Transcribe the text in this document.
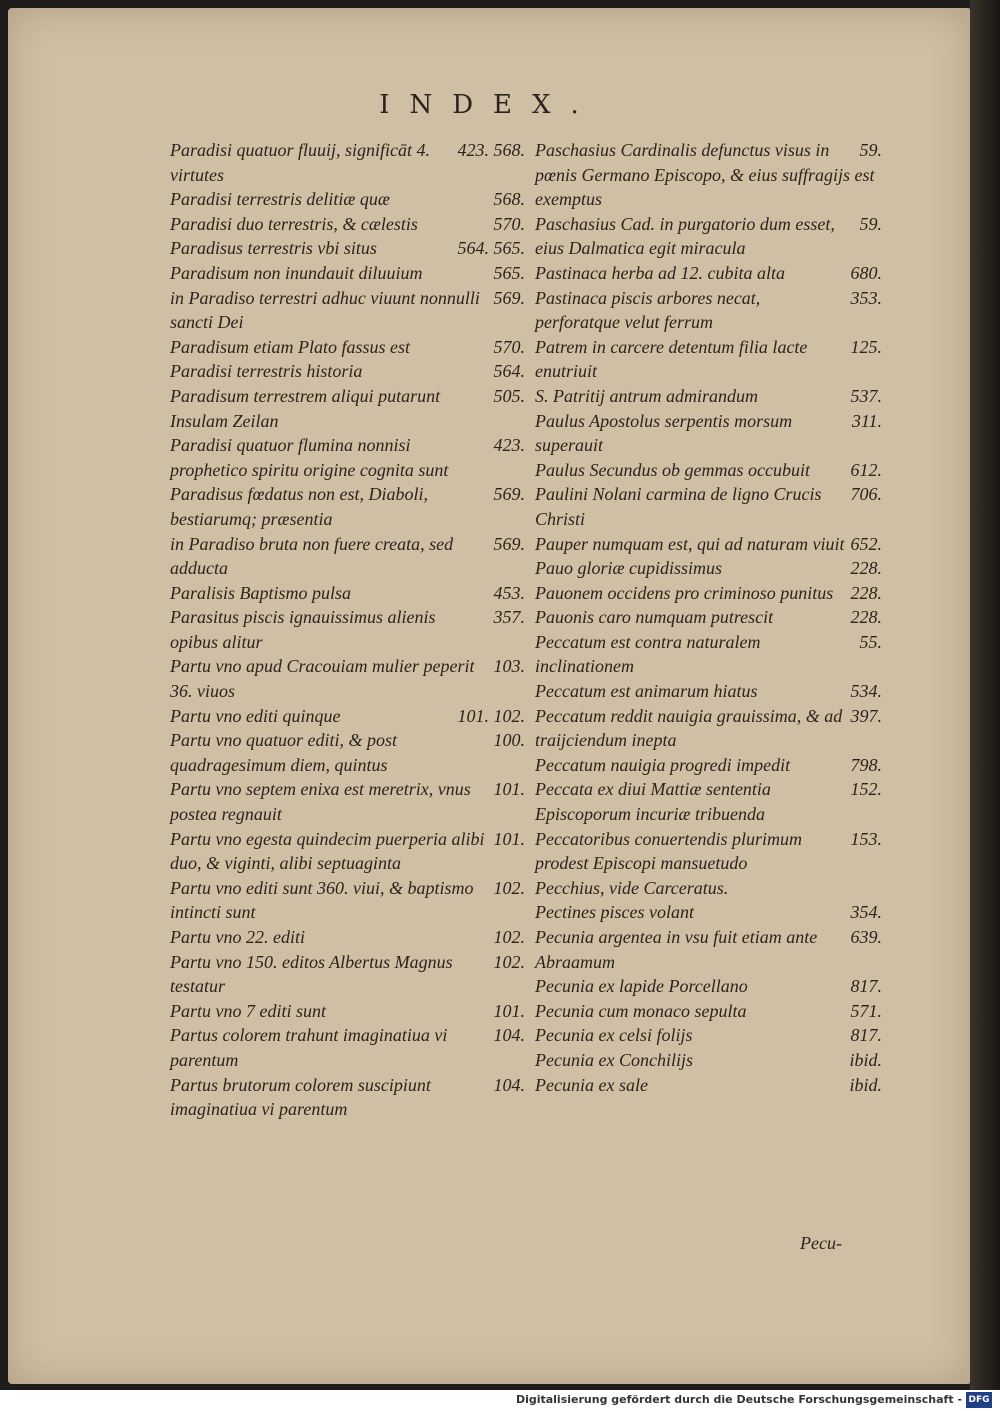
INDEX.
423. 568.
Paradisi quatuor fluuij, significāt 4. virtutes
568.
Paradisi terrestris delitiæ quæ
570.
Paradisi duo terrestris, & cælestis
564. 565.
Paradisus terrestris vbi situs
565.
Paradisum non inundauit diluuium
569.
in Paradiso terrestri adhuc viuunt nonnulli sancti Dei
570.
Paradisum etiam Plato fassus est
564.
Paradisi terrestris historia
505.
Paradisum terrestrem aliqui putarunt Insulam Zeilan
423.
Paradisi quatuor flumina nonnisi prophetico spiritu origine cognita sunt
569.
Paradisus fœdatus non est, Diaboli, bestiarumq; præsentia
569.
in Paradiso bruta non fuere creata, sed adducta
453.
Paralisis Baptismo pulsa
357.
Parasitus piscis ignauissimus alienis opibus alitur
103.
Partu vno apud Cracouiam mulier peperit 36. viuos
101. 102.
Partu vno editi quinque
100.
Partu vno quatuor editi, & post quadragesimum diem, quintus
101.
Partu vno septem enixa est meretrix, vnus postea regnauit
101.
Partu vno egesta quindecim puerperia alibi duo, & viginti, alibi septuaginta
102.
Partu vno editi sunt 360. viui, & baptismo intincti sunt
102.
Partu vno 22. editi
102.
Partu vno 150. editos Albertus Magnus testatur
101.
Partu vno 7 editi sunt
104.
Partus colorem trahunt imaginatiua vi parentum
104.
Partus brutorum colorem suscipiunt imaginatiua vi parentum
59.
Paschasius Cardinalis defunctus visus in pœnis Germano Episcopo, & eius suffragijs est exemptus
59.
Paschasius Cad. in purgatorio dum esset, eius Dalmatica egit miracula
680.
Pastinaca herba ad 12. cubita alta
353.
Pastinaca piscis arbores necat, perforatque velut ferrum
125.
Patrem in carcere detentum filia lacte enutriuit
537.
S. Patritij antrum admirandum
311.
Paulus Apostolus serpentis morsum superauit
612.
Paulus Secundus ob gemmas occubuit
706.
Paulini Nolani carmina de ligno Crucis Christi
652.
Pauper numquam est, qui ad naturam viuit
228.
Pauo gloriæ cupidissimus
228.
Pauonem occidens pro criminoso punitus
228.
Pauonis caro numquam putrescit
55.
Peccatum est contra naturalem inclinationem
534.
Peccatum est animarum hiatus
397.
Peccatum reddit nauigia grauissima, & ad traijciendum inepta
798.
Peccatum nauigia progredi impedit
152.
Peccata ex diui Mattiæ sententia Episcoporum incuriæ tribuenda
153.
Peccatoribus conuertendis plurimum prodest Episcopi mansuetudo
Pecchius, vide Carceratus.
354.
Pectines pisces volant
639.
Pecunia argentea in vsu fuit etiam ante Abraamum
817.
Pecunia ex lapide Porcellano
571.
Pecunia cum monaco sepulta
817.
Pecunia ex celsi folijs
ibid.
Pecunia ex Conchilijs
ibid.
Pecunia ex sale
Pecu-
Digitalisierung gefördert durch die Deutsche Forschungsgemeinschaft - DFG
